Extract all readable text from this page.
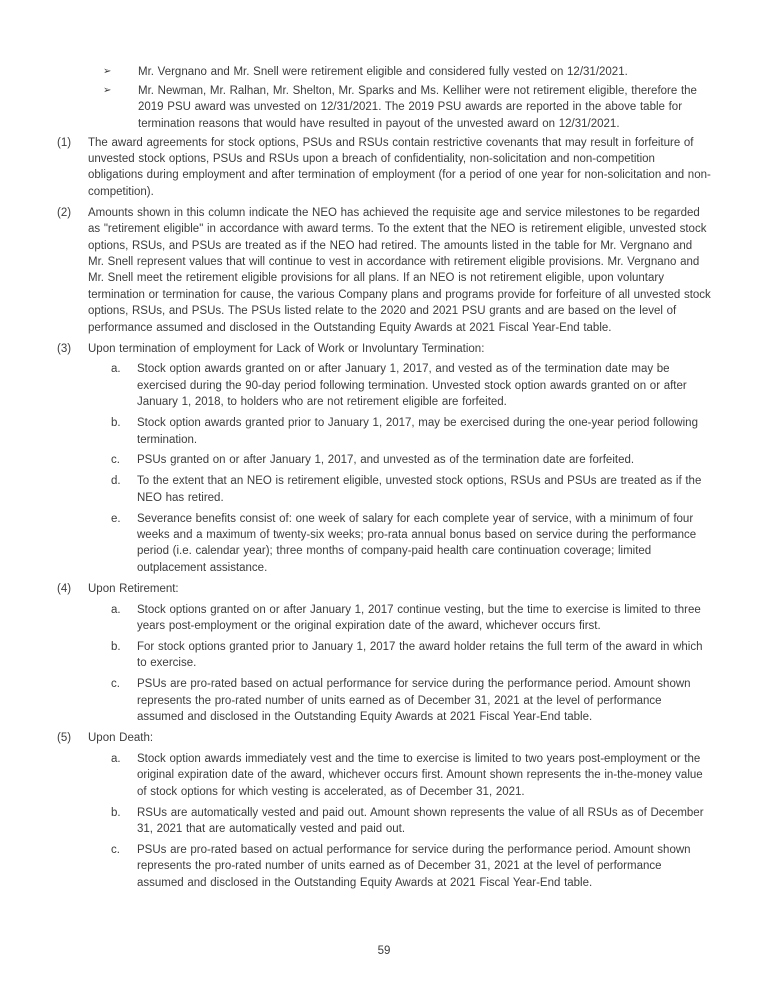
➢	Mr. Vergnano and Mr. Snell were retirement eligible and considered fully vested on 12/31/2021.
➢	Mr. Newman, Mr. Ralhan, Mr. Shelton, Mr. Sparks and Ms. Kelliher were not retirement eligible, therefore the 2019 PSU award was unvested on 12/31/2021. The 2019 PSU awards are reported in the above table for termination reasons that would have resulted in payout of the unvested award on 12/31/2021.
(1)	The award agreements for stock options, PSUs and RSUs contain restrictive covenants that may result in forfeiture of unvested stock options, PSUs and RSUs upon a breach of confidentiality, non-solicitation and non-competition obligations during employment and after termination of employment (for a period of one year for non-solicitation and non-competition).
(2)	Amounts shown in this column indicate the NEO has achieved the requisite age and service milestones to be regarded as "retirement eligible" in accordance with award terms. To the extent that the NEO is retirement eligible, unvested stock options, RSUs, and PSUs are treated as if the NEO had retired. The amounts listed in the table for Mr. Vergnano and Mr. Snell represent values that will continue to vest in accordance with retirement eligible provisions. Mr. Vergnano and Mr. Snell meet the retirement eligible provisions for all plans. If an NEO is not retirement eligible, upon voluntary termination or termination for cause, the various Company plans and programs provide for forfeiture of all unvested stock options, RSUs, and PSUs. The PSUs listed relate to the 2020 and 2021 PSU grants and are based on the level of performance assumed and disclosed in the Outstanding Equity Awards at 2021 Fiscal Year-End table.
(3)	Upon termination of employment for Lack of Work or Involuntary Termination:
a.	Stock option awards granted on or after January 1, 2017, and vested as of the termination date may be exercised during the 90-day period following termination. Unvested stock option awards granted on or after January 1, 2018, to holders who are not retirement eligible are forfeited.
b.	Stock option awards granted prior to January 1, 2017, may be exercised during the one-year period following termination.
c.	PSUs granted on or after January 1, 2017, and unvested as of the termination date are forfeited.
d.	To the extent that an NEO is retirement eligible, unvested stock options, RSUs and PSUs are treated as if the NEO has retired.
e.	Severance benefits consist of: one week of salary for each complete year of service, with a minimum of four weeks and a maximum of twenty-six weeks; pro-rata annual bonus based on service during the performance period (i.e. calendar year); three months of company-paid health care continuation coverage; limited outplacement assistance.
(4)	Upon Retirement:
a.	Stock options granted on or after January 1, 2017 continue vesting, but the time to exercise is limited to three years post-employment or the original expiration date of the award, whichever occurs first.
b.	For stock options granted prior to January 1, 2017 the award holder retains the full term of the award in which to exercise.
c.	PSUs are pro-rated based on actual performance for service during the performance period. Amount shown represents the pro-rated number of units earned as of December 31, 2021 at the level of performance assumed and disclosed in the Outstanding Equity Awards at 2021 Fiscal Year-End table.
(5)	Upon Death:
a.	Stock option awards immediately vest and the time to exercise is limited to two years post-employment or the original expiration date of the award, whichever occurs first. Amount shown represents the in-the-money value of stock options for which vesting is accelerated, as of December 31, 2021.
b.	RSUs are automatically vested and paid out. Amount shown represents the value of all RSUs as of December 31, 2021 that are automatically vested and paid out.
c.	PSUs are pro-rated based on actual performance for service during the performance period. Amount shown represents the pro-rated number of units earned as of December 31, 2021 at the level of performance assumed and disclosed in the Outstanding Equity Awards at 2021 Fiscal Year-End table.
59
